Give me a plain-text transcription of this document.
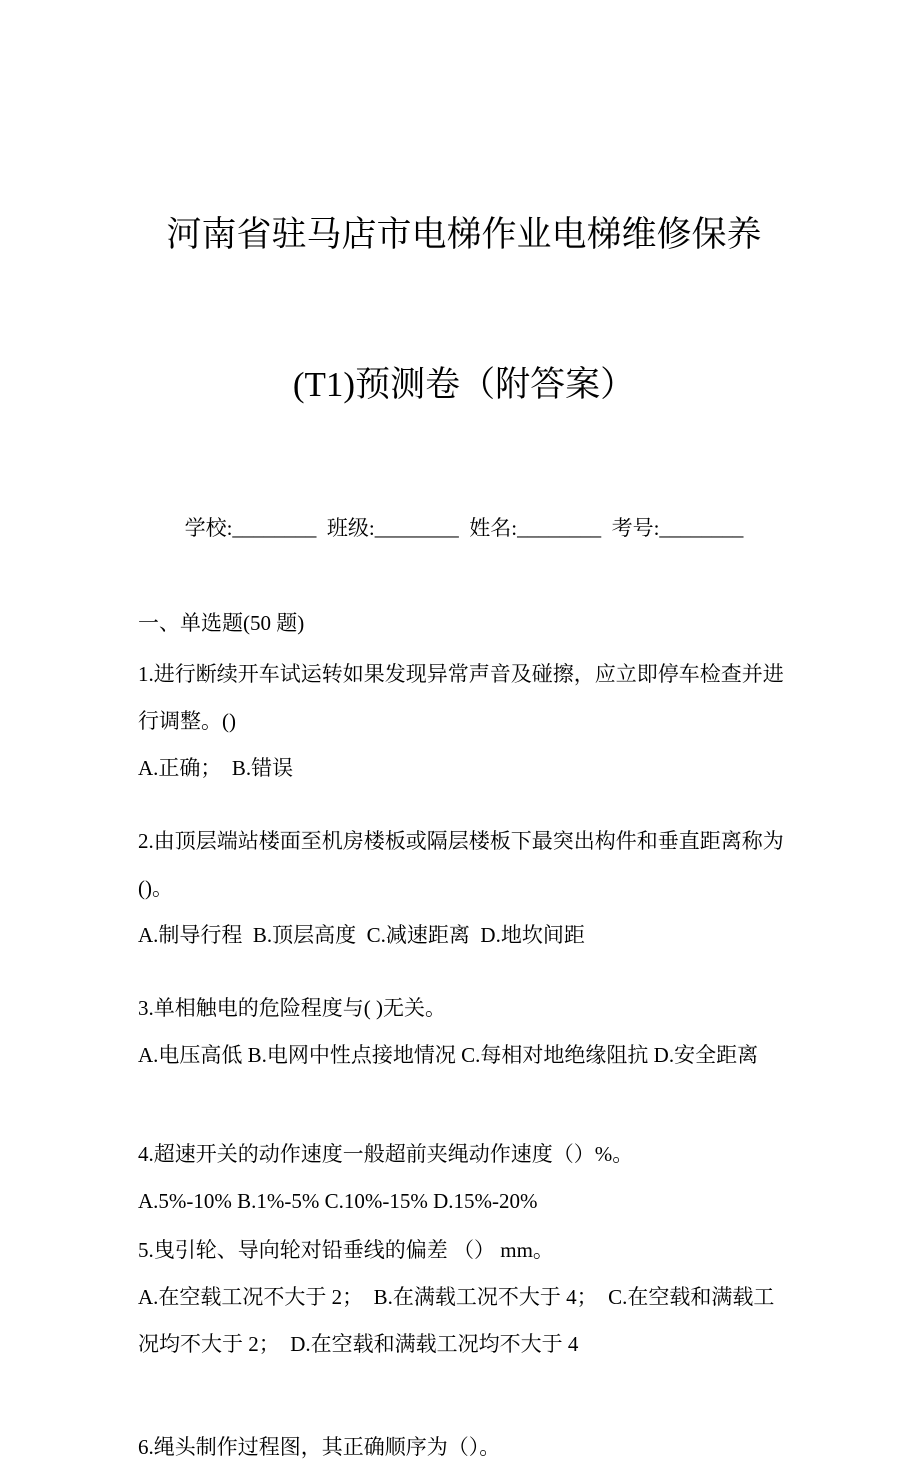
河南省驻马店市电梯作业电梯维修保养

(T1)预测卷（附答案）

学校:________  班级:________  姓名:________  考号:________

一、单选题(50 题)

1.进行断续开车试运转如果发现异常声音及碰擦，应立即停车检查并进行调整。()

A.正确；  B.错误

2.由顶层端站楼面至机房楼板或隔层楼板下最突出构件和垂直距离称为 ()。

A.制导行程  B.顶层高度  C.减速距离  D.地坎间距

3.单相触电的危险程度与( )无关。

A.电压高低 B.电网中性点接地情况 C.每相对地绝缘阻抗 D.安全距离

4.超速开关的动作速度一般超前夹绳动作速度（）%。

A.5%-10% B.1%-5% C.10%-15% D.15%-20%

5.曳引轮、导向轮对铅垂线的偏差 （） mm。

A.在空载工况不大于 2；  B.在满载工况不大于 4；  C.在空载和满载工况均不大于 2；  D.在空载和满载工况均不大于 4

6.绳头制作过程图，其正确顺序为（）。
